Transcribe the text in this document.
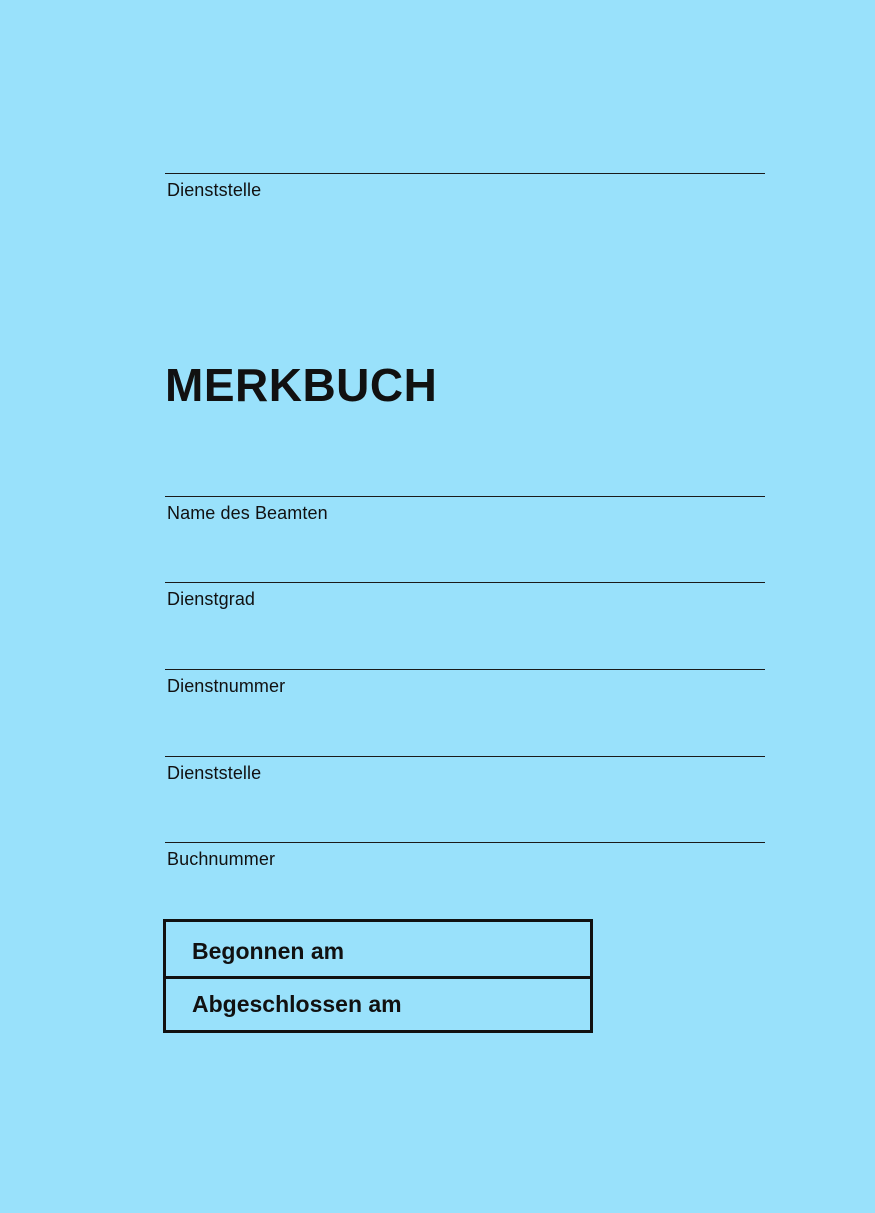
Dienststelle
MERKBUCH
Name des Beamten
Dienstgrad
Dienstnummer
Dienststelle
Buchnummer
Begonnen am
Abgeschlossen am
